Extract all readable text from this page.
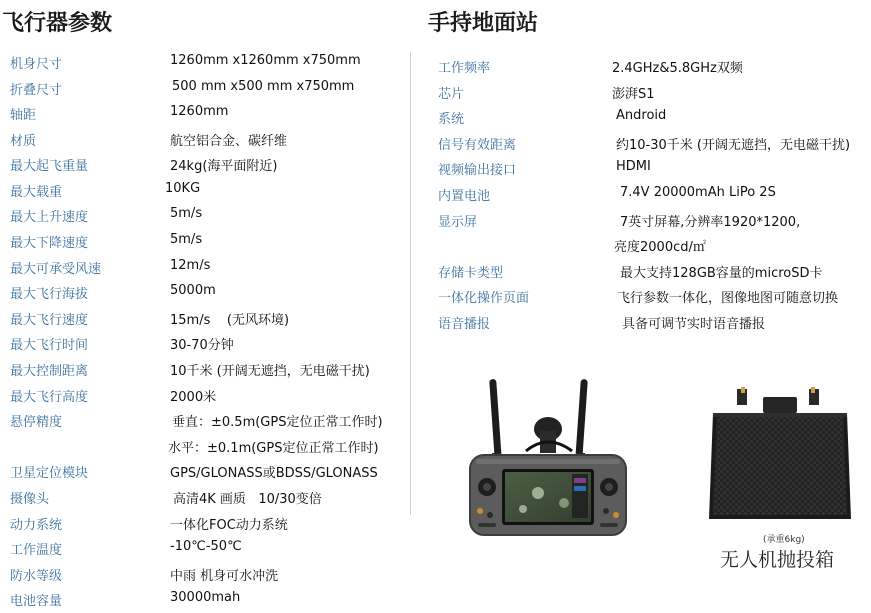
飞行器参数	手持地面站
机身尺寸	1260mm x1260mm x750mm
折叠尺寸	500 mm x500 mm x750mm
轴距	1260mm
材质	航空铝合金、碳纤维
最大起飞重量	24kg(海平面附近)
最大载重	10KG
最大上升速度	5m/s
最大下降速度	5m/s
最大可承受风速	12m/s
最大飞行海拔	5000m
最大飞行速度	15m/s    (无风环境)
最大飞行时间	30-70分钟
最大控制距离	10千米 (开阔无遮挡，无电磁干扰)
最大飞行高度	2000米
悬停精度	垂直：±0.5m(GPS定位正常工作时)
水平：±0.1m(GPS定位正常工作时)
卫星定位模块	GPS/GLONASS或BDSS/GLONASS
摄像头	高清4K 画质   10/30变倍
动力系统	一体化FOC动力系统
工作温度	-10℃-50℃
防水等级	中雨 机身可水冲洗
电池容量	30000mah
工作频率	2.4GHz&5.8GHz双频
芯片	澎湃S1
系统	Android
信号有效距离	约10-30千米 (开阔无遮挡，无电磁干扰)
视频输出接口	HDMI
内置电池	7.4V 20000mAh LiPo 2S
显示屏	7英寸屏幕,分辨率1920*1200,
亮度2000cd/㎡
存储卡类型	最大支持128GB容量的microSD卡
一体化操作页面	飞行参数一体化，图像地图可随意切换
语音播报	具备可调节实时语音播报
(承重6kg)
无人机抛投箱
